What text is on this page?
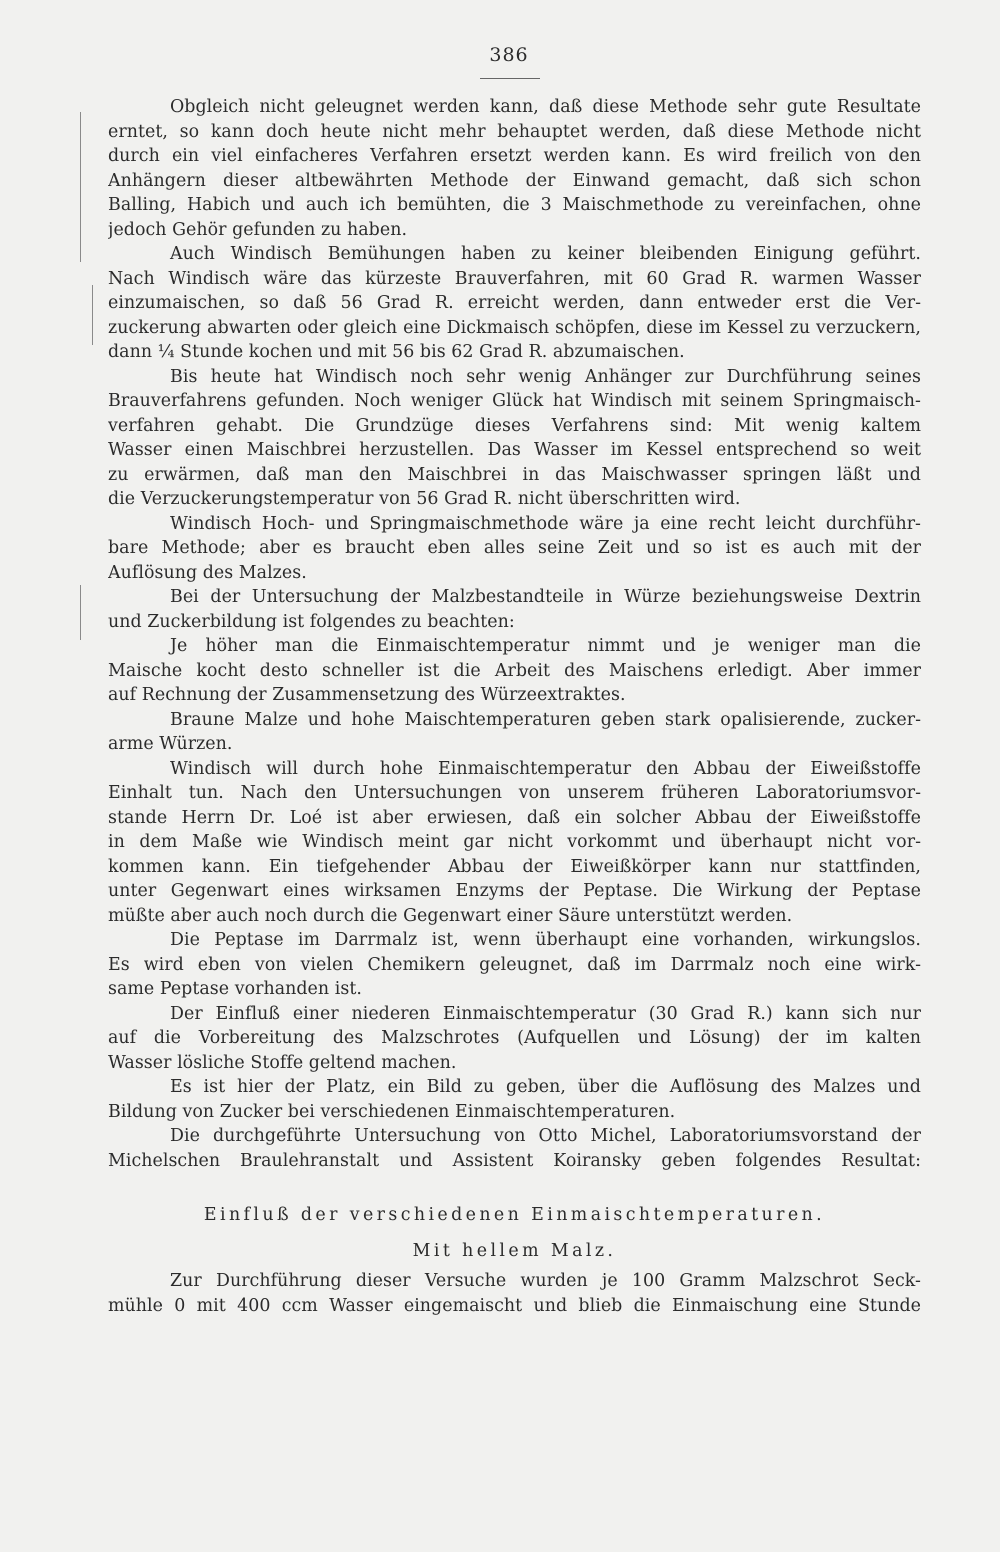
386
Obgleich nicht geleugnet werden kann, daß diese Methode sehr gute Resultate
erntet, so kann doch heute nicht mehr behauptet werden, daß diese Methode nicht
durch ein viel einfacheres Verfahren ersetzt werden kann. Es wird freilich von den
Anhängern dieser altbewährten Methode der Einwand gemacht, daß sich schon
Balling, Habich und auch ich bemühten, die 3 Maischmethode zu vereinfachen, ohne
jedoch Gehör gefunden zu haben.
Auch Windisch Bemühungen haben zu keiner bleibenden Einigung geführt.
Nach Windisch wäre das kürzeste Brauverfahren, mit 60 Grad R. warmen Wasser
einzumaischen, so daß 56 Grad R. erreicht werden, dann entweder erst die Ver-
zuckerung abwarten oder gleich eine Dickmaisch schöpfen, diese im Kessel zu verzuckern,
dann ¼ Stunde kochen und mit 56 bis 62 Grad R. abzumaischen.
Bis heute hat Windisch noch sehr wenig Anhänger zur Durchführung seines
Brauverfahrens gefunden. Noch weniger Glück hat Windisch mit seinem Springmaisch-
verfahren gehabt. Die Grundzüge dieses Verfahrens sind: Mit wenig kaltem
Wasser einen Maischbrei herzustellen. Das Wasser im Kessel entsprechend so weit
zu erwärmen, daß man den Maischbrei in das Maischwasser springen läßt und
die Verzuckerungstemperatur von 56 Grad R. nicht überschritten wird.
Windisch Hoch- und Springmaischmethode wäre ja eine recht leicht durchführ-
bare Methode; aber es braucht eben alles seine Zeit und so ist es auch mit der
Auflösung des Malzes.
Bei der Untersuchung der Malzbestandteile in Würze beziehungsweise Dextrin
und Zuckerbildung ist folgendes zu beachten:
Je höher man die Einmaischtemperatur nimmt und je weniger man die
Maische kocht desto schneller ist die Arbeit des Maischens erledigt. Aber immer
auf Rechnung der Zusammensetzung des Würzeextraktes.
Braune Malze und hohe Maischtemperaturen geben stark opalisierende, zucker-
arme Würzen.
Windisch will durch hohe Einmaischtemperatur den Abbau der Eiweißstoffe
Einhalt tun. Nach den Untersuchungen von unserem früheren Laboratoriumsvor-
stande Herrn Dr. Loé ist aber erwiesen, daß ein solcher Abbau der Eiweißstoffe
in dem Maße wie Windisch meint gar nicht vorkommt und überhaupt nicht vor-
kommen kann. Ein tiefgehender Abbau der Eiweißkörper kann nur stattfinden,
unter Gegenwart eines wirksamen Enzyms der Peptase. Die Wirkung der Peptase
müßte aber auch noch durch die Gegenwart einer Säure unterstützt werden.
Die Peptase im Darrmalz ist, wenn überhaupt eine vorhanden, wirkungslos.
Es wird eben von vielen Chemikern geleugnet, daß im Darrmalz noch eine wirk-
same Peptase vorhanden ist.
Der Einfluß einer niederen Einmaischtemperatur (30 Grad R.) kann sich nur
auf die Vorbereitung des Malzschrotes (Aufquellen und Lösung) der im kalten
Wasser lösliche Stoffe geltend machen.
Es ist hier der Platz, ein Bild zu geben, über die Auflösung des Malzes und
Bildung von Zucker bei verschiedenen Einmaischtemperaturen.
Die durchgeführte Untersuchung von Otto Michel, Laboratoriumsvorstand der
Michelschen Braulehranstalt und Assistent Koiransky geben folgendes Resultat:
Einfluß der verschiedenen Einmaischtemperaturen.
Mit hellem Malz.
Zur Durchführung dieser Versuche wurden je 100 Gramm Malzschrot Seck-
mühle 0 mit 400 ccm Wasser eingemaischt und blieb die Einmaischung eine Stunde
